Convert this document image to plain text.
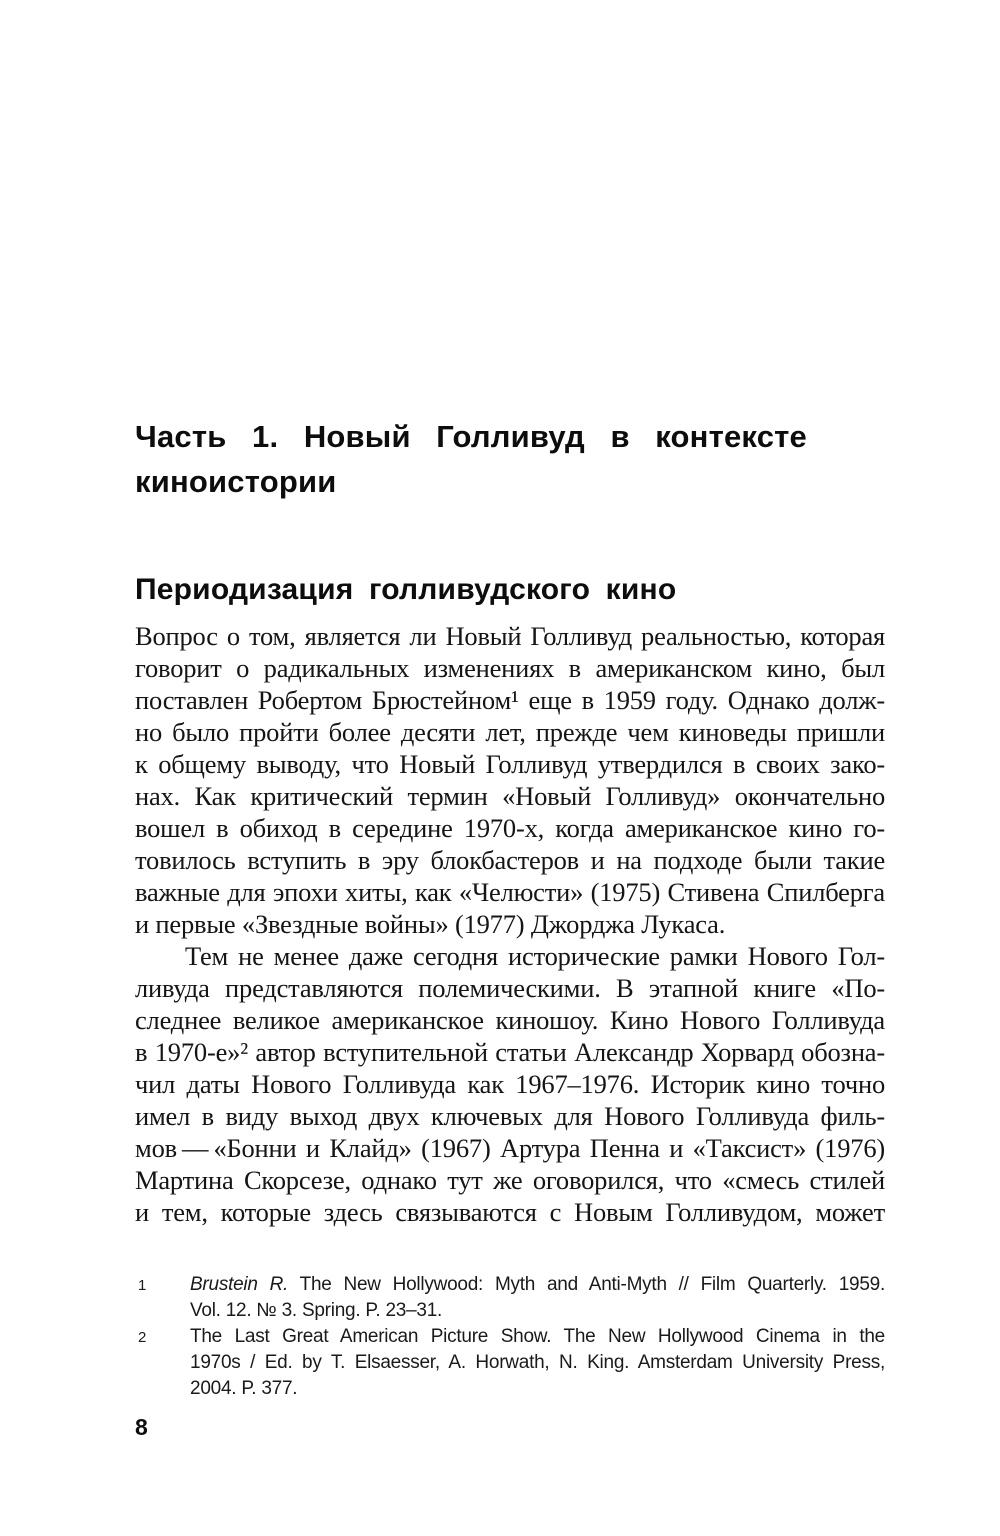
Часть 1. Новый Голливуд в контексте киноистории
Периодизация голливудского кино
Вопрос о том, является ли Новый Голливуд реальностью, которая
говорит о радикальных изменениях в американском кино, был
поставлен Робертом Брюстейном¹ еще в 1959 году. Однако долж-
но было пройти более десяти лет, прежде чем киноведы пришли
к общему выводу, что Новый Голливуд утвердился в своих зако-
нах. Как критический термин «Новый Голливуд» окончательно
вошел в обиход в середине 1970-х, когда американское кино го-
товилось вступить в эру блокбастеров и на подходе были такие
важные для эпохи хиты, как «Челюсти» (1975) Стивена Спилберга
и первые «Звездные войны» (1977) Джорджа Лукаса.
Тем не менее даже сегодня исторические рамки Нового Гол-
ливуда представляются полемическими. В этапной книге «По-
следнее великое американское киношоу. Кино Нового Голливуда
в 1970-е»² автор вступительной статьи Александр Хорвард обозна-
чил даты Нового Голливуда как 1967–1976. Историк кино точно
имел в виду выход двух ключевых для Нового Голливуда филь-
мов — «Бонни и Клайд» (1967) Артура Пенна и «Таксист» (1976)
Мартина Скорсезе, однако тут же оговорился, что «смесь стилей
и тем, которые здесь связываются с Новым Голливудом, может
1 Brustein R. The New Hollywood: Myth and Anti-Myth // Film Quarterly. 1959.
Vol. 12. № 3. Spring. P. 23–31.
2 The Last Great American Picture Show. The New Hollywood Cinema in the
1970s / Ed. by T. Elsaesser, A. Horwath, N. King. Amsterdam University Press,
2004. P. 377.
8
